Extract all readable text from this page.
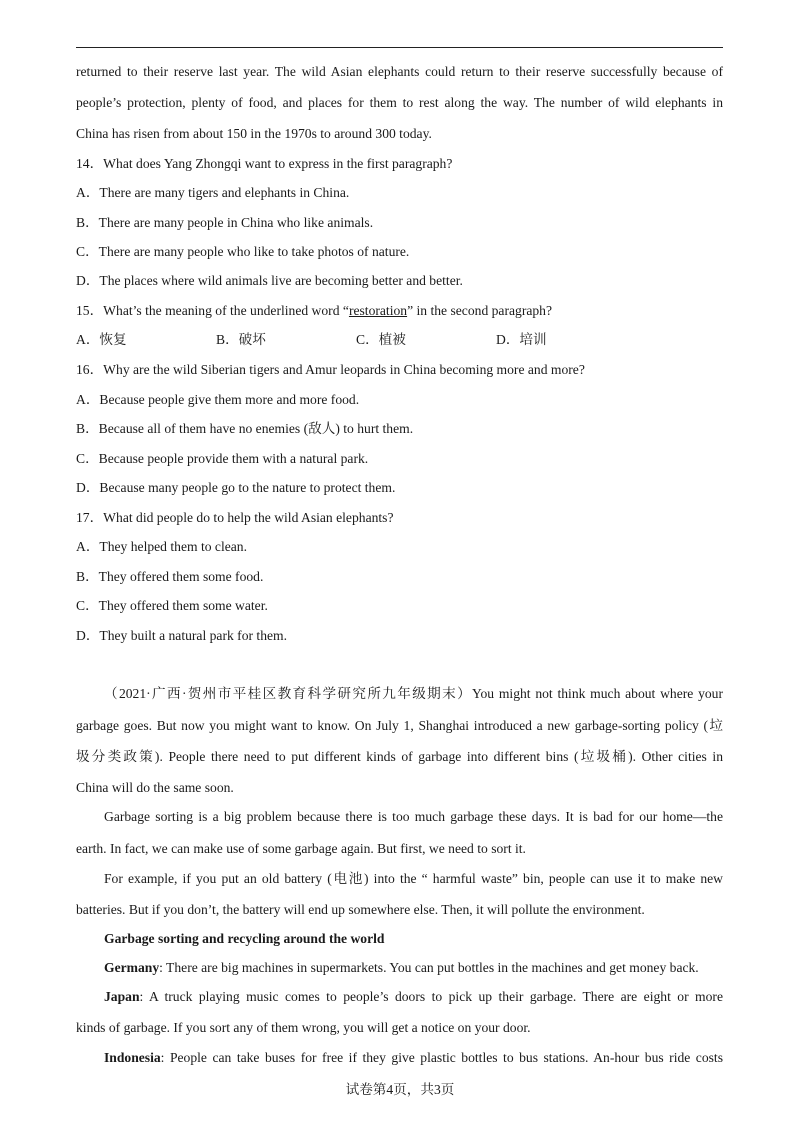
returned to their reserve last year. The wild Asian elephants could return to their reserve successfully because of
people’s protection, plenty of food, and places for them to rest along the way. The number of wild elephants in
China has risen from about 150 in the 1970s to around 300 today.
14．What does Yang Zhongqi want to express in the first paragraph?
A．There are many tigers and elephants in China.
B．There are many people in China who like animals.
C．There are many people who like to take photos of nature.
D．The places where wild animals live are becoming better and better.
15．What’s the meaning of the underlined word “restoration” in the second paragraph?
A．恢复	B．破坏	C．植被	D．培训
16．Why are the wild Siberian tigers and Amur leopards in China becoming more and more?
A．Because people give them more and more food.
B．Because all of them have no enemies (敌人) to hurt them.
C．Because people provide them with a natural park.
D．Because many people go to the nature to protect them.
17．What did people do to help the wild Asian elephants?
A．They helped them to clean.
B．They offered them some food.
C．They offered them some water.
D．They built a natural park for them.
（2021·广西·贺州市平桂区教育科学研究所九年级期末）You might not think much about where your
garbage goes. But now you might want to know. On July 1, Shanghai introduced a new garbage-sorting policy (垃
圾分类政策). People there need to put different kinds of garbage into different bins (垃圾桶). Other cities in
China will do the same soon.
Garbage sorting is a big problem because there is too much garbage these days. It is bad for our home—the
earth. In fact, we can make use of some garbage again. But first, we need to sort it.
For example, if you put an old battery (电池) into the “ harmful waste” bin, people can use it to make new
batteries. But if you don’t, the battery will end up somewhere else. Then, it will pollute the environment.
Garbage sorting and recycling around the world
Germany: There are big machines in supermarkets. You can put bottles in the machines and get money back.
Japan: A truck playing music comes to people’s doors to pick up their garbage. There are eight or more
kinds of garbage. If you sort any of them wrong, you will get a notice on your door.
Indonesia: People can take buses for free if they give plastic bottles to bus stations. An-hour bus ride costs
试卷第4页，共3页
